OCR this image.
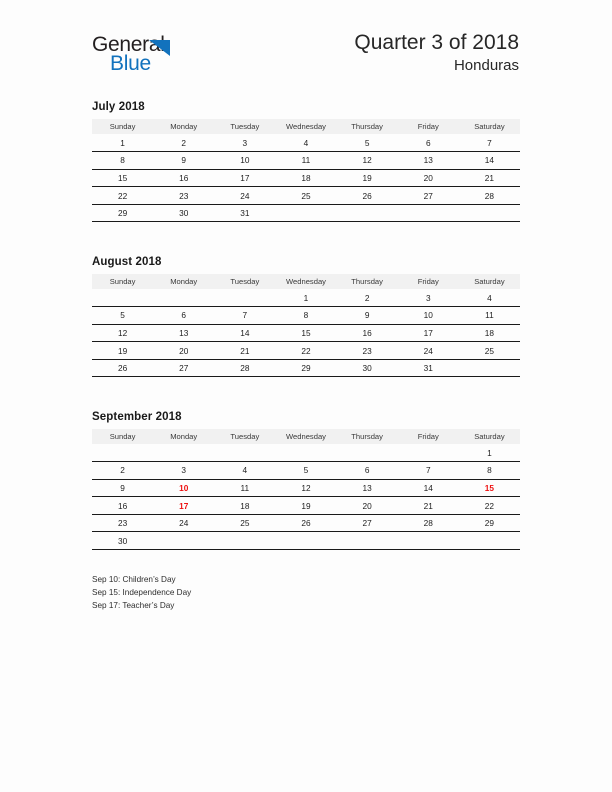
General
Blue
Quarter 3 of 2018
Honduras
July 2018
Sunday	Monday	Tuesday	Wednesday	Thursday	Friday	Saturday
1	2	3	4	5	6	7
8	9	10	11	12	13	14
15	16	17	18	19	20	21
22	23	24	25	26	27	28
29	30	31				
August 2018
Sunday	Monday	Tuesday	Wednesday	Thursday	Friday	Saturday
			1	2	3	4
5	6	7	8	9	10	11
12	13	14	15	16	17	18
19	20	21	22	23	24	25
26	27	28	29	30	31	
September 2018
Sunday	Monday	Tuesday	Wednesday	Thursday	Friday	Saturday
						1
2	3	4	5	6	7	8
9	10	11	12	13	14	15
16	17	18	19	20	21	22
23	24	25	26	27	28	29
30						
Sep 10: Children’s Day
Sep 15: Independence Day
Sep 17: Teacher’s Day
